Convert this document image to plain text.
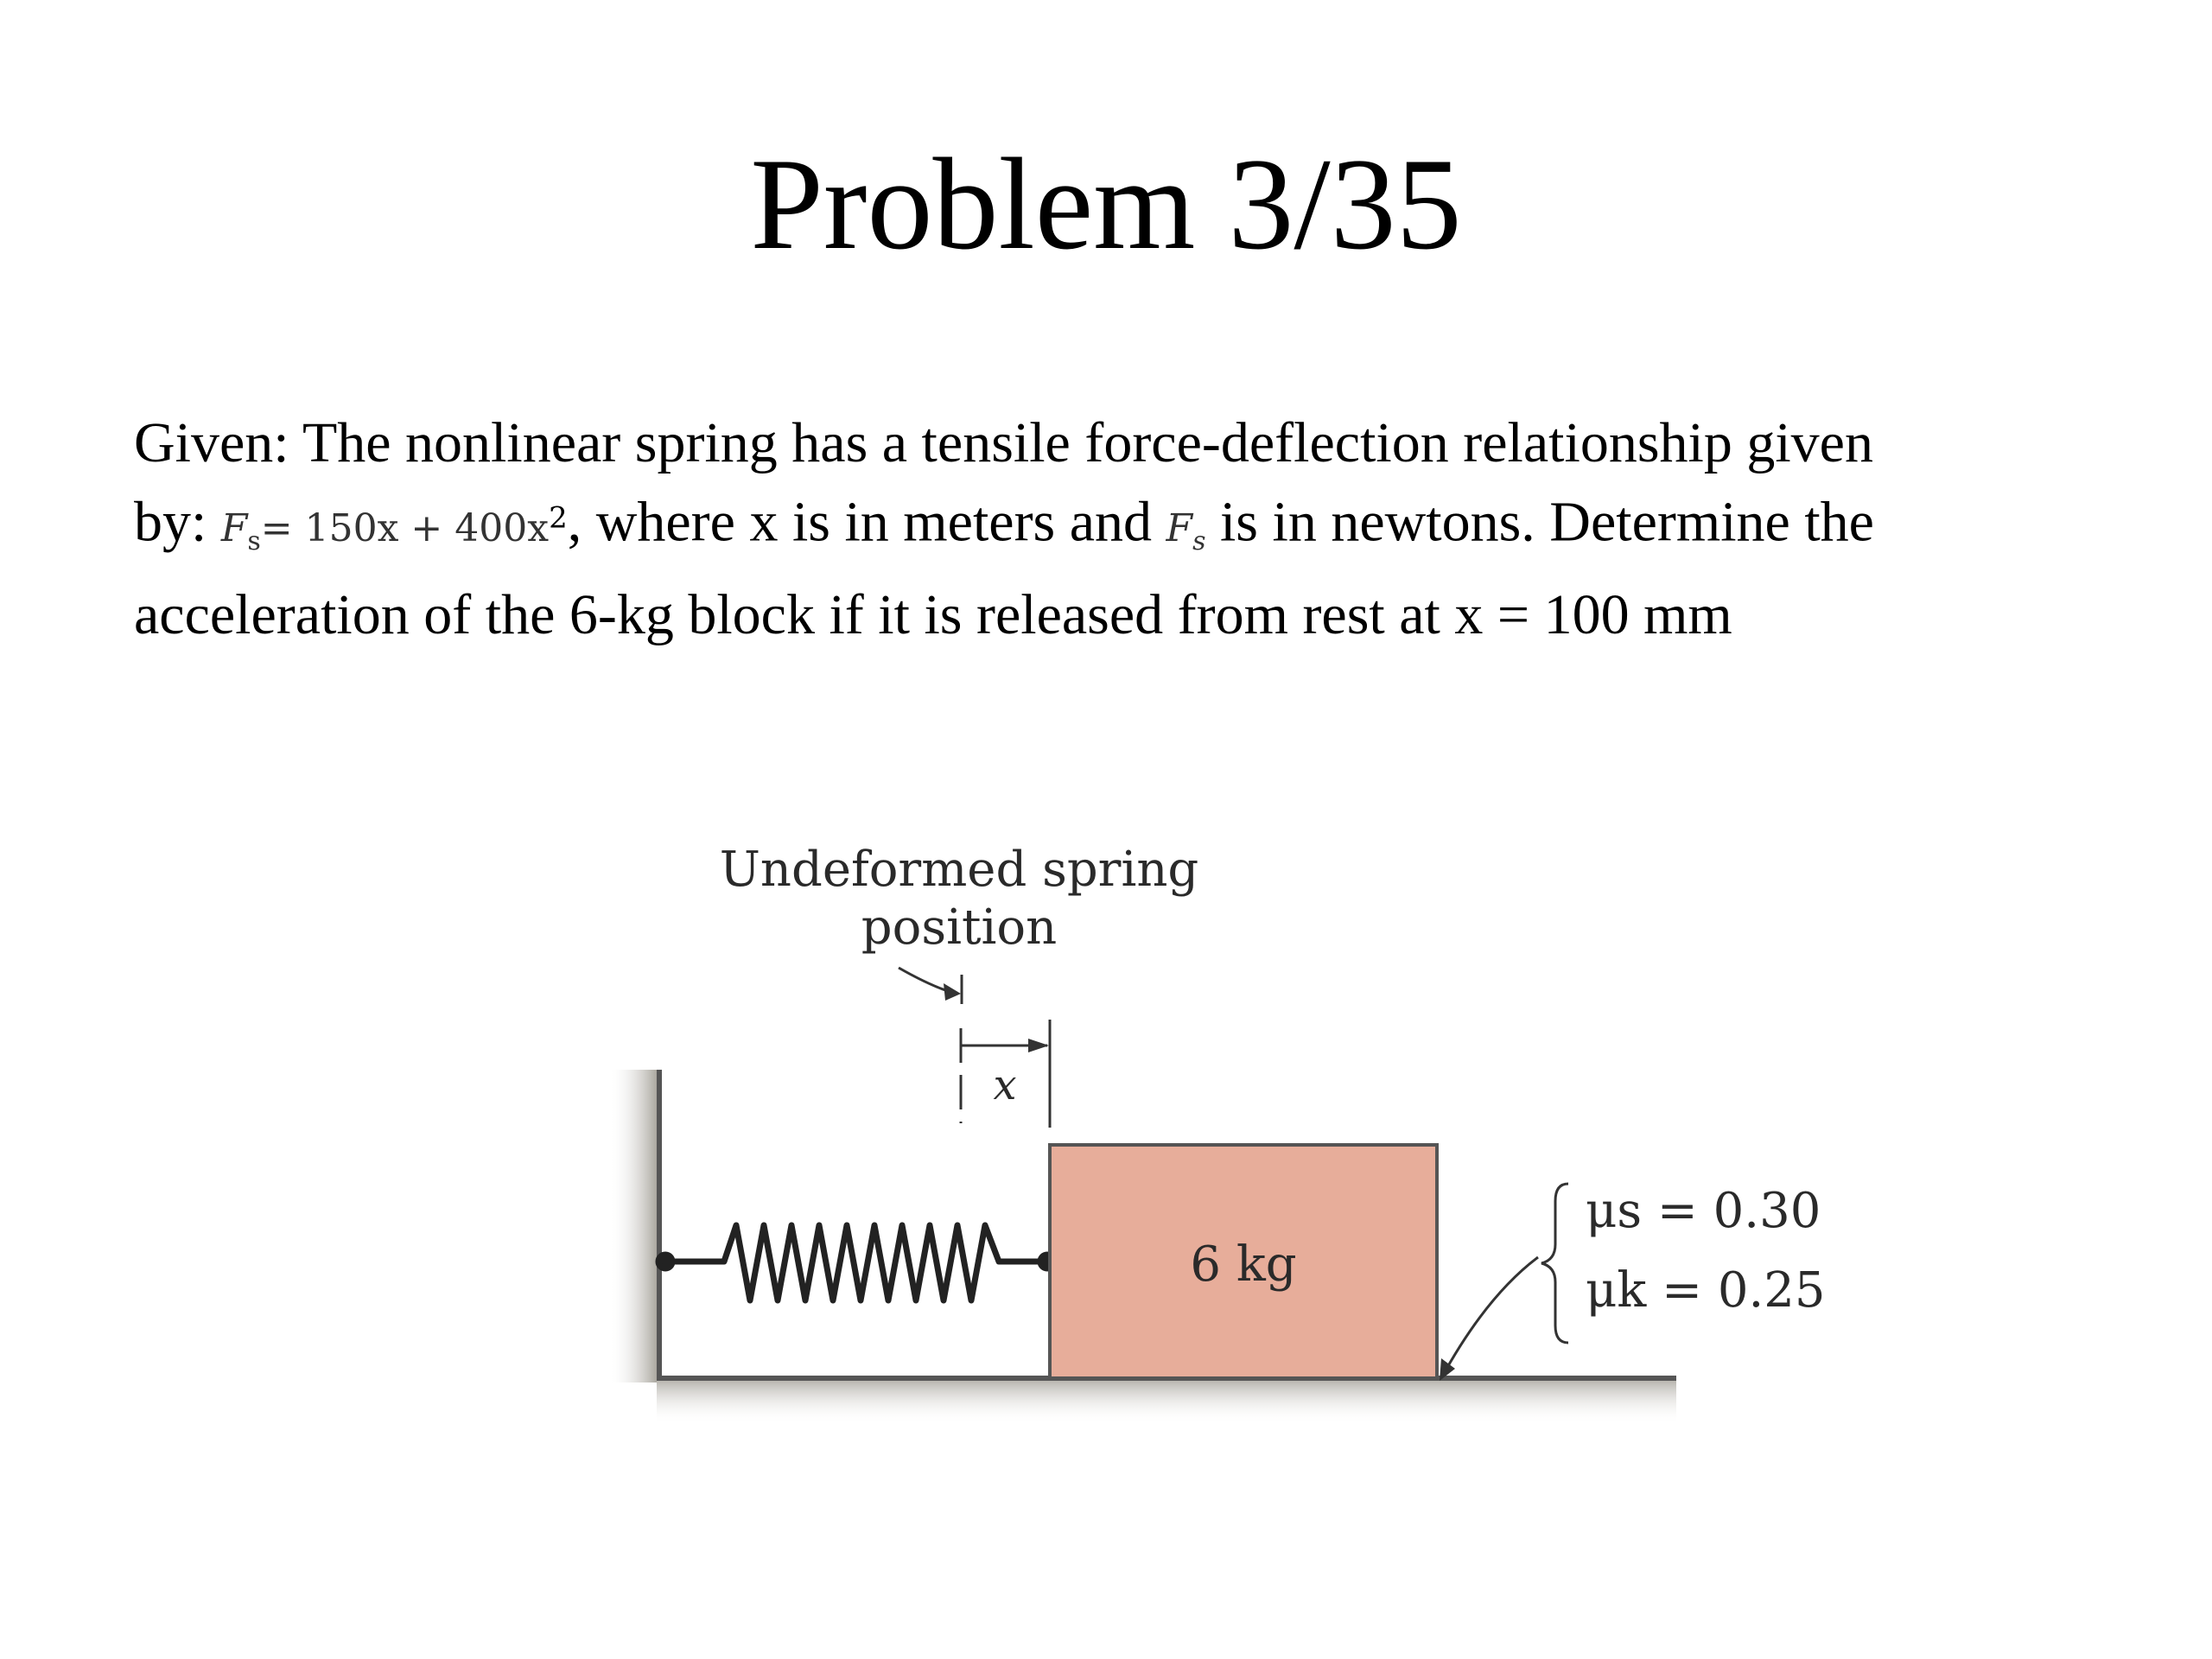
Problem 3/35
Given: The nonlinear spring has a tensile force-deflection relationship given
by: $F_s= 150x + 400x^2$, where x is in meters and $F_s$ is in newtons. Determine the
acceleration of the 6-kg block if it is released from rest at x = 100 mm
6 kg
Undeformed spring
position
x
μs = 0.30
μk = 0.25
